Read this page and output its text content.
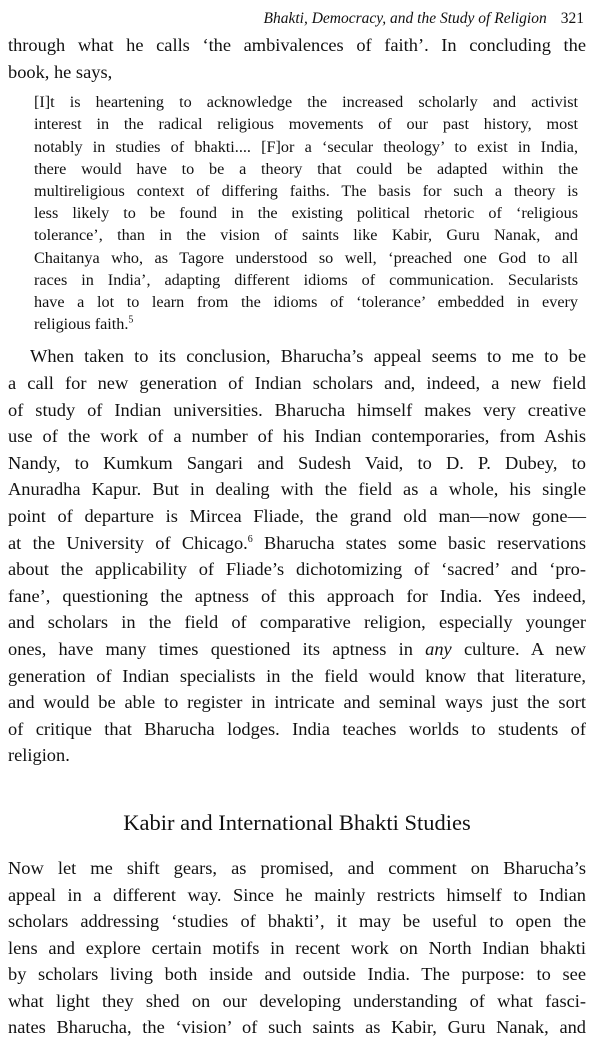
Bhakti, Democracy, and the Study of Religion 321
through what he calls ‘the ambivalences of faith’. In concluding the
book, he says,
[I]t is heartening to acknowledge the increased scholarly and activist
interest in the radical religious movements of our past history, most
notably in studies of bhakti.... [F]or a ‘secular theology’ to exist in India,
there would have to be a theory that could be adapted within the
multireligious context of differing faiths. The basis for such a theory is
less likely to be found in the existing political rhetoric of ‘religious
tolerance’, than in the vision of saints like Kabir, Guru Nanak, and
Chaitanya who, as Tagore understood so well, ‘preached one God to all
races in India’, adapting different idioms of communication. Secularists
have a lot to learn from the idioms of ‘tolerance’ embedded in every
religious faith.$^5$
When taken to its conclusion, Bharucha’s appeal seems to me to be
a call for new generation of Indian scholars and, indeed, a new field
of study of Indian universities. Bharucha himself makes very creative
use of the work of a number of his Indian contemporaries, from Ashis
Nandy, to Kumkum Sangari and Sudesh Vaid, to D. P. Dubey, to
Anuradha Kapur. But in dealing with the field as a whole, his single
point of departure is Mircea Fliade, the grand old man—now gone—
at the University of Chicago.$^6$ Bharucha states some basic reservations
about the applicability of Fliade’s dichotomizing of ‘sacred’ and ‘pro-
fane’, questioning the aptness of this approach for India. Yes indeed,
and scholars in the field of comparative religion, especially younger
ones, have many times questioned its aptness in any culture. A new
generation of Indian specialists in the field would know that literature,
and would be able to register in intricate and seminal ways just the sort
of critique that Bharucha lodges. India teaches worlds to students of
religion.
Kabir and International Bhakti Studies
Now let me shift gears, as promised, and comment on Bharucha’s
appeal in a different way. Since he mainly restricts himself to Indian
scholars addressing ‘studies of bhakti’, it may be useful to open the
lens and explore certain motifs in recent work on North Indian bhakti
by scholars living both inside and outside India. The purpose: to see
what light they shed on our developing understanding of what fasci-
nates Bharucha, the ‘vision’ of such saints as Kabir, Guru Nanak, and
